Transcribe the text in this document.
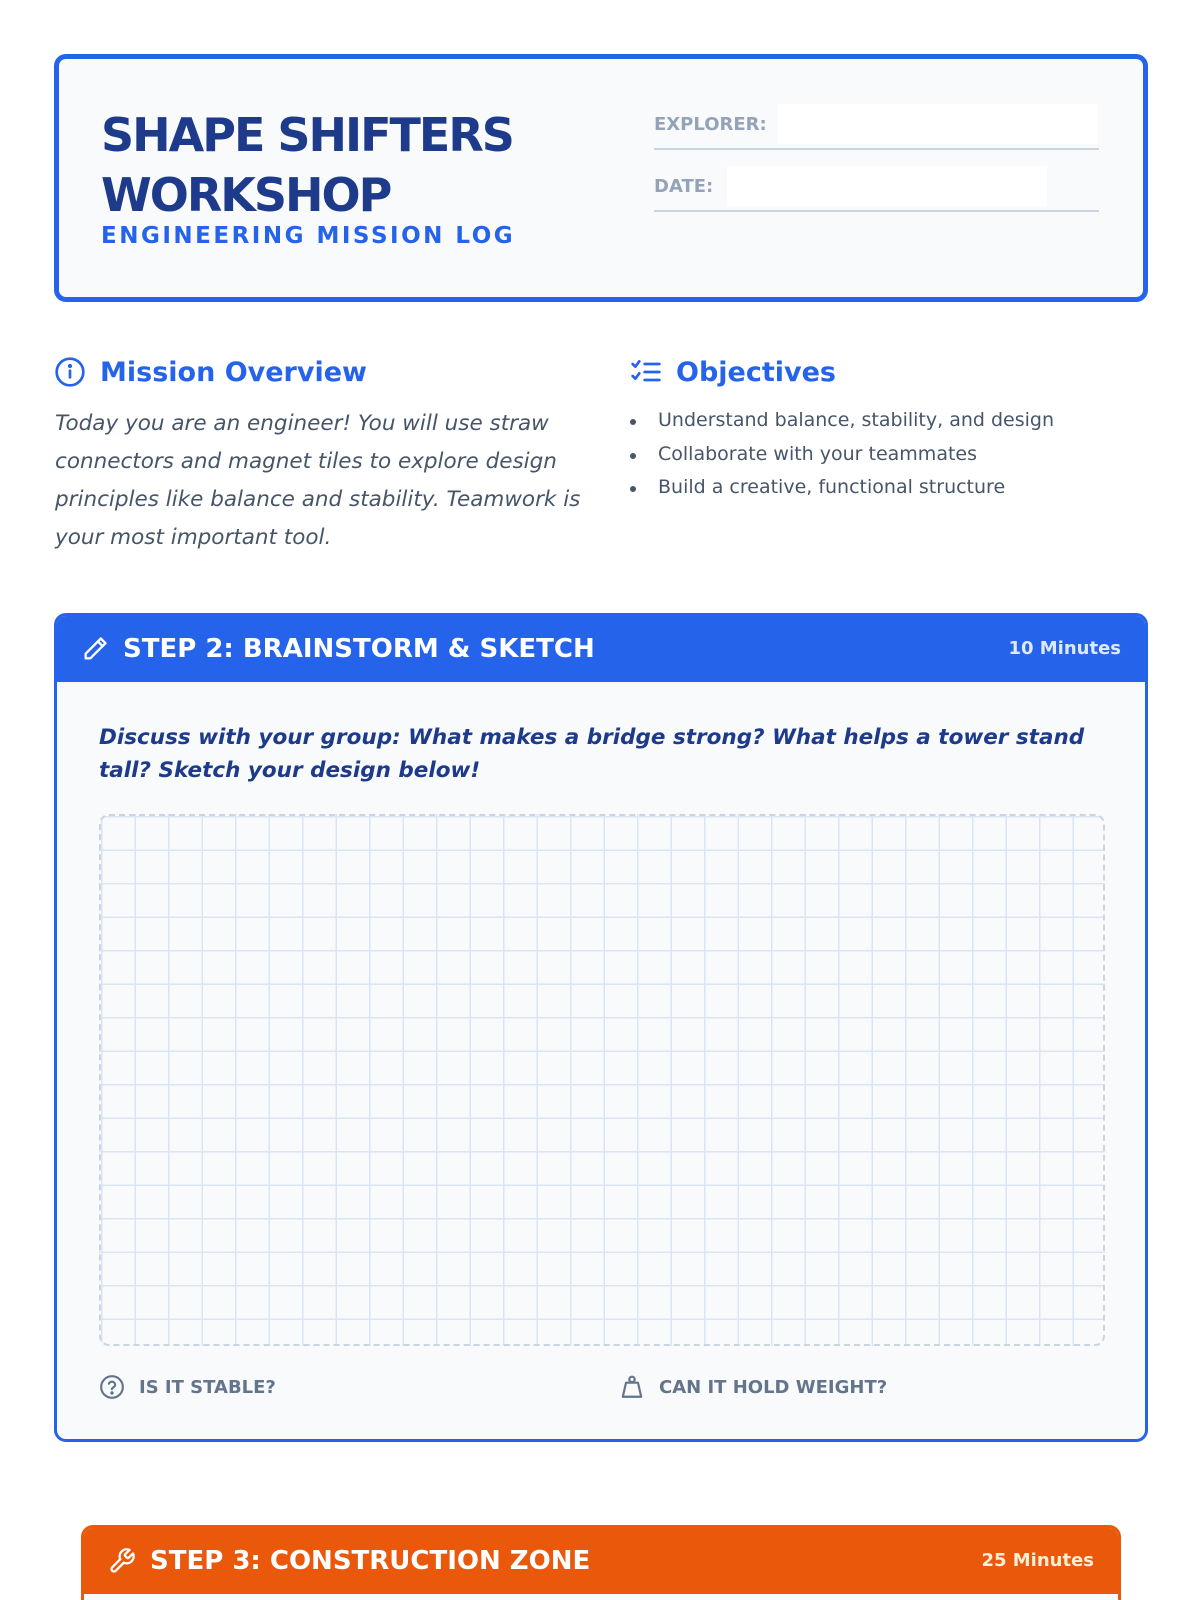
SHAPE SHIFTERS
WORKSHOP
ENGINEERING MISSION LOG
EXPLORER:
DATE:
Mission Overview

Today you are an engineer! You will use straw connectors and magnet tiles to explore design principles like balance and stability. Teamwork is your most important tool.

Objectives
Understand balance, stability, and design
Collaborate with your teammates
Build a creative, functional structure
STEP 2: BRAINSTORM & SKETCH	10 Minutes

Discuss with your group: What makes a bridge strong? What helps a tower stand tall? Sketch your design below!

IS IT STABLE?	CAN IT HOLD WEIGHT?
STEP 3: CONSTRUCTION ZONE	25 Minutes
